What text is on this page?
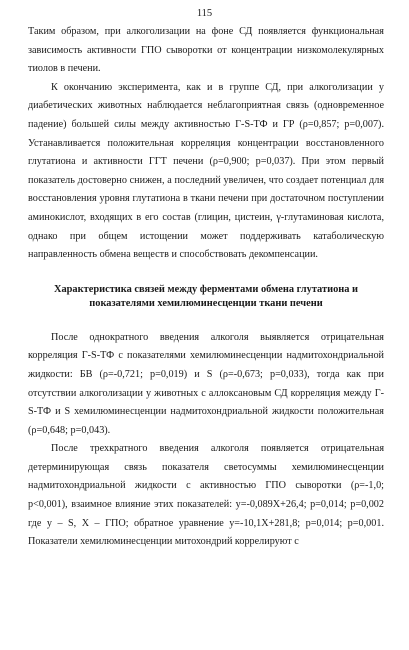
115

Таким образом, при алкоголизации на фоне СД появляется функциональная зависимость активности ГПО сыворотки от концентрации низкомолекулярных тиолов в печени.

К окончанию эксперимента, как и в группе СД, при алкоголизации у диабетических животных наблюдается неблагоприятная связь (одновременное падение) большей силы между активностью Г-S-ТФ и ГР (ρ=0,857; p=0,007). Устанавливается положительная корреляция концентрации восстановленного глутатиона и активности ГГТ печени (ρ=0,900; p=0,037). При этом первый показатель достоверно снижен, а последний увеличен, что создает потенциал для восстановления уровня глутатиона в ткани печени при достаточном поступлении аминокислот, входящих в его состав (глицин, цистеин, γ-глутаминовая кислота, однако при общем истощении может поддерживать катаболическую направленность обмена веществ и способствовать декомпенсации.

Характеристика связей между ферментами обмена глутатиона и показателями хемилюминесценции ткани печени

После однократного введения алкоголя выявляется отрицательная корреляция Г-S-ТФ с показателями хемилюминесценции надмитохондриальной жидкости: БВ (ρ=-0,721; p=0,019) и S (ρ=-0,673; p=0,033), тогда как при отсутствии алкоголизации у животных с аллоксановым СД корреляция между Г-S-ТФ и S хемилюминесценции надмитохондриальной жидкости положительная (ρ=0,648; p=0,043).

После трехкратного введения алкоголя появляется отрицательная детерминирующая связь показателя светосуммы хемилюминесценции надмитохондриальной жидкости с активностью ГПО сыворотки (ρ=-1,0; p<0,001), взаимное влияние этих показателей: y=-0,089X+26,4; p=0,014; p=0,002 где y – S, X – ГПО; обратное уравнение y=-10,1X+281,8; p=0,014; p=0,001. Показатели хемилюминесценции митохондрий коррелируют с
